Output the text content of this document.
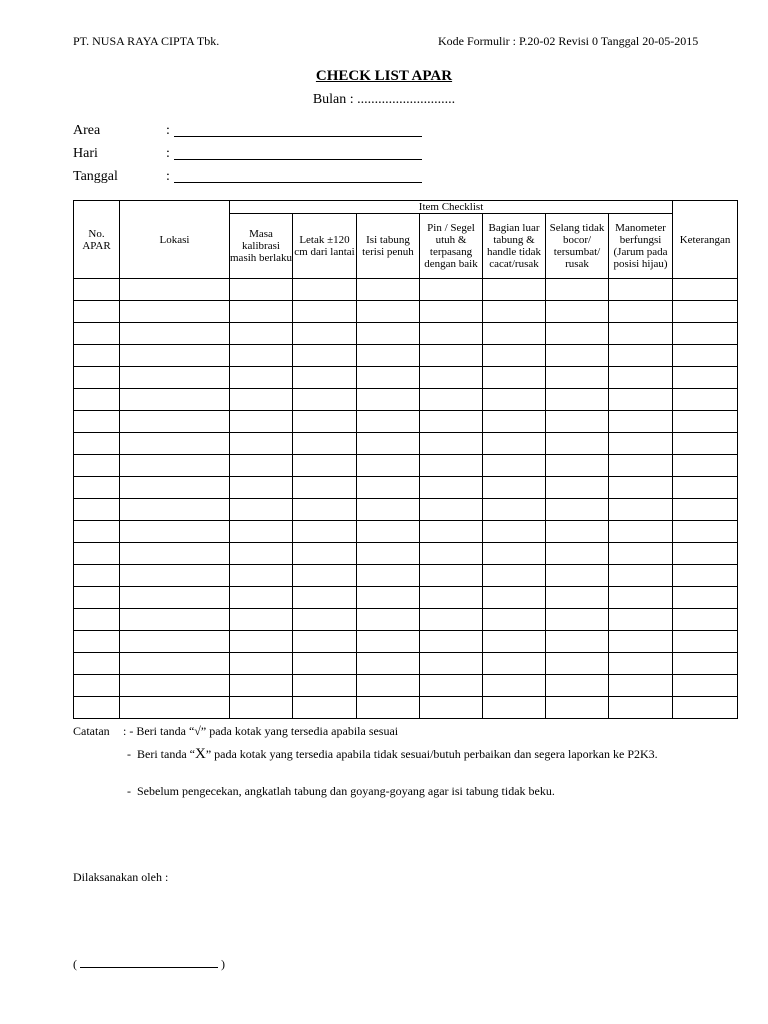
PT. NUSA RAYA CIPTA Tbk.	Kode Formulir : P.20-02 Revisi 0 Tanggal 20-05-2015
CHECK LIST APAR
Bulan : ............................
Area	:
Hari	:
Tanggal	:
No. APAR	Lokasi	Item Checklist							Keterangan
		Masa kalibrasi masih berlaku	Letak ±120 cm dari lantai	Isi tabung terisi penuh	Pin / Segel utuh & terpasang dengan baik	Bagian luar tabung & handle tidak cacat/rusak	Selang tidak bocor/ tersumbat/ rusak	Manometer berfungsi (Jarum pada posisi hijau)	

Catatan : - Beri tanda “√” pada kotak yang tersedia apabila sesuai
- Beri tanda “X” pada kotak yang tersedia apabila tidak sesuai/butuh perbaikan dan segera laporkan ke P2K3.
- Sebelum pengecekan, angkatlah tabung dan goyang-goyang agar isi tabung tidak beku.
Dilaksanakan oleh :
(	)
